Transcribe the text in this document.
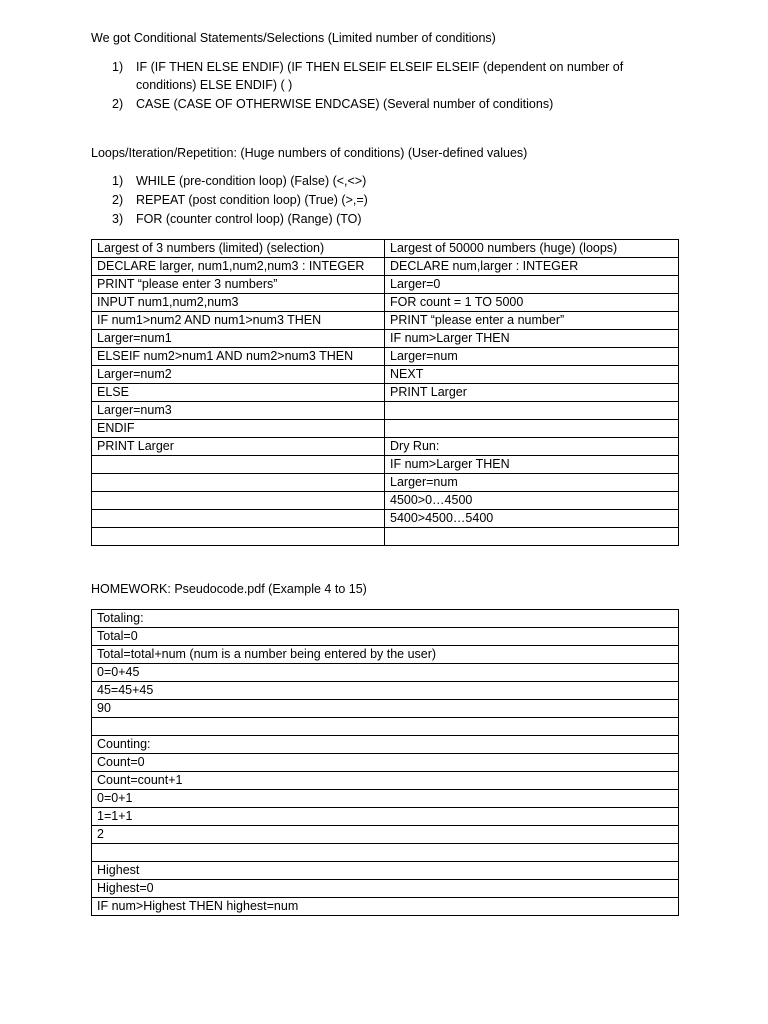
We got Conditional Statements/Selections (Limited number of conditions)
1)	IF (IF THEN ELSE ENDIF) (IF THEN ELSEIF ELSEIF ELSEIF (dependent on number of conditions) ELSE ENDIF) ( )
2)	CASE (CASE OF OTHERWISE ENDCASE) (Several number of conditions)
Loops/Iteration/Repetition: (Huge numbers of conditions) (User-defined values)
1)	WHILE (pre-condition loop) (False) (<,<>)
2)	REPEAT (post condition loop) (True) (>,=)
3)	FOR (counter control loop) (Range) (TO)
Largest of 3 numbers (limited) (selection)	Largest of 50000 numbers (huge) (loops)
DECLARE larger, num1,num2,num3 : INTEGER	DECLARE num,larger : INTEGER
PRINT “please enter 3 numbers”	Larger=0
INPUT num1,num2,num3	FOR count = 1 TO 5000
IF num1>num2 AND num1>num3 THEN	PRINT “please enter a number”
Larger=num1	IF num>Larger THEN
ELSEIF num2>num1 AND num2>num3 THEN	Larger=num
Larger=num2	NEXT
ELSE	PRINT Larger
Larger=num3	
ENDIF	
PRINT Larger	Dry Run:
	IF num>Larger THEN
	Larger=num
	4500>0…4500
	5400>4500…5400

HOMEWORK: Pseudocode.pdf (Example 4 to 15)
Totaling:
Total=0
Total=total+num (num is a number being entered by the user)
0=0+45
45=45+45
90

Counting:
Count=0
Count=count+1
0=0+1
1=1+1
2

Highest
Highest=0
IF num>Highest THEN highest=num
